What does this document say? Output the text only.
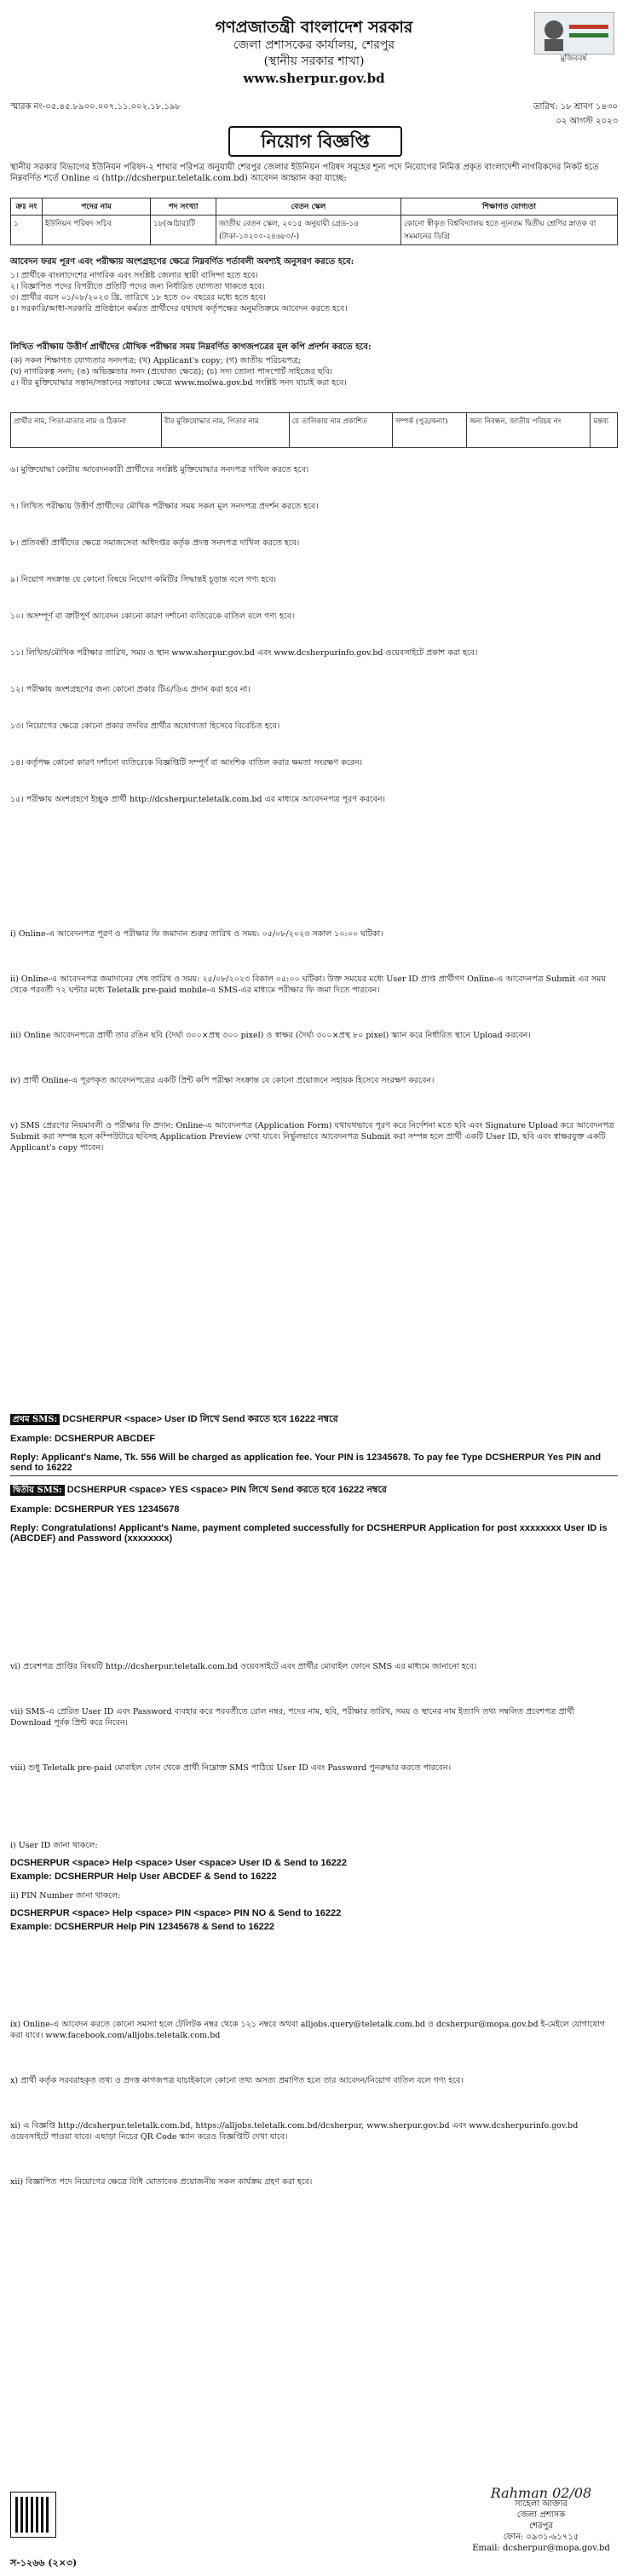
গণপ্রজাতন্ত্রী বাংলাদেশ সরকার
জেলা প্রশাসকের কার্যালয়, শেরপুর
(স্থানীয় সরকার শাখা)
www.sherpur.gov.bd
মুজিববর্ষ
স্মারক নং-০৫.৪৫.৮৯০০.০০৭.১১.০০২.১৮.১৯৮	তারিখ: ১৮ শ্রাবণ ১৪৩০
০২ আগস্ট ২০২৩
নিয়োগ বিজ্ঞপ্তি
স্থানীয় সরকার বিভাগের ইউনিয়ন পরিষদ-২ শাখার পরিপত্র অনুযায়ী শেরপুর জেলার ইউনিয়ন পরিষদ সমূহের শূন্য পদে নিয়োগের নিমিত্ত প্রকৃত বাংলাদেশী নাগরিকদের নিকট হতে নিম্নবর্ণিত শর্তে Online এ (http://dcsherpur.teletalk.com.bd) আবেদন আহ্বান করা যাচ্ছে:
ক্রঃ নং	পদের নাম	পদ সংখ্যা	বেতন স্কেল	শিক্ষাগত যোগ্যতা
১	ইউনিয়ন পরিষদ সচিব	১৮(আঠার)টি	জাতীয় বেতন স্কেল, ২০১৫ অনুযায়ী গ্রেড-১৪ (টাকা-১০২০০-২৪৬৮০/-)	কোনো স্বীকৃত বিশ্ববিদ্যালয় হতে ন্যূনতম দ্বিতীয় শ্রেণির স্নাতক বা সমমানের ডিগ্রি
আবেদন ফরম পূরণ এবং পরীক্ষায় অংশগ্রহণের ক্ষেত্রে নিম্নবর্ণিত শর্তাবলী অবশ্যই অনুসরণ করতে হবে:
১। প্রার্থীকে বাংলাদেশের নাগরিক এবং সংশ্লিষ্ট জেলার স্থায়ী বাসিন্দা হতে হবে।
২। বিজ্ঞাপিত পদের বিপরীতে প্রতিটি পদের জন্য নির্ধারিত যোগ্যতা থাকতে হবে।
৩। প্রার্থীর বয়স ০১/০৮/২০২৩ খ্রি. তারিখে ১৮ হতে ৩০ বছরের মধ্যে হতে হবে।
৪। সরকারি/আধা-সরকারি প্রতিষ্ঠানে কর্মরত প্রার্থীদের যথাযথ কর্তৃপক্ষের অনুমতিক্রমে আবেদন করতে হবে।
লিখিত পরীক্ষায় উত্তীর্ণ প্রার্থীদের মৌখিক পরীক্ষার সময় নিম্নবর্ণিত কাগজপত্রের মূল কপি প্রদর্শন করতে হবে:
(ক) সকল শিক্ষাগত যোগ্যতার সনদপত্র; (খ) Applicant's copy; (গ) জাতীয় পরিচয়পত্র;
(ঘ) নাগরিকত্ব সনদ; (ঙ) অভিজ্ঞতার সনদ (প্রযোজ্য ক্ষেত্রে); (চ) সদ্য তোলা পাসপোর্ট সাইজের ছবি।
৫। বীর মুক্তিযোদ্ধার সন্তান/সন্তানের সন্তানের ক্ষেত্রে www.molwa.gov.bd সংশ্লিষ্ট সনদ যাচাই করা হবে।
প্রার্থীর নাম, পিতা-মাতার নাম ও ঠিকানা	বীর মুক্তিযোদ্ধার নাম, পিতার নাম	যে তালিকায় নাম প্রকাশিত	সম্পর্ক (পুত্র/কন্যা)	অন্য নিবন্ধন, জাতীয় পরিচয় নং	মন্তব্য
৬। মুক্তিযোদ্ধা কোটায় আবেদনকারী প্রার্থীদের সংশ্লিষ্ট মুক্তিযোদ্ধার সনদপত্র দাখিল করতে হবে।
৭। লিখিত পরীক্ষায় উত্তীর্ণ প্রার্থীদের মৌখিক পরীক্ষার সময় সকল মূল সনদপত্র প্রদর্শন করতে হবে।
৮। প্রতিবন্ধী প্রার্থীদের ক্ষেত্রে সমাজসেবা অধিদপ্তর কর্তৃক প্রদত্ত সনদপত্র দাখিল করতে হবে।
৯। নিয়োগ সংক্রান্ত যে কোনো বিষয়ে নিয়োগ কমিটির সিদ্ধান্তই চূড়ান্ত বলে গণ্য হবে।
১০। অসম্পূর্ণ বা ত্রুটিপূর্ণ আবেদন কোনো কারণ দর্শানো ব্যতিরেকে বাতিল বলে গণ্য হবে।
১১। লিখিত/মৌখিক পরীক্ষার তারিখ, সময় ও স্থান www.sherpur.gov.bd এবং www.dcsherpurinfo.gov.bd ওয়েবসাইটে প্রকাশ করা হবে।
১২। পরীক্ষায় অংশগ্রহণের জন্য কোনো প্রকার টিএ/ডিএ প্রদান করা হবে না।
১৩। নিয়োগের ক্ষেত্রে কোনো প্রকার তদবির প্রার্থীর অযোগ্যতা হিসেবে বিবেচিত হবে।
১৪। কর্তৃপক্ষ কোনো কারণ দর্শানো ব্যতিরেকে বিজ্ঞপ্তিটি সম্পূর্ণ বা আংশিক বাতিল করার ক্ষমতা সংরক্ষণ করেন।
১৫। পরীক্ষায় অংশগ্রহণে ইচ্ছুক প্রার্থী http://dcsherpur.teletalk.com.bd এর মাধ্যমে আবেদনপত্র পূরণ করবেন।
i) Online-এ আবেদনপত্র পূরণ ও পরীক্ষার ফি জমাদান শুরুর তারিখ ও সময়: ০৫/০৮/২০২৩ সকাল ১০:০০ ঘটিকা।
ii) Online-এ আবেদনপত্র জমাদানের শেষ তারিখ ও সময়: ২৫/০৮/২০২৩ বিকাল ০৫:০০ ঘটিকা। উক্ত সময়ের মধ্যে User ID প্রাপ্ত প্রার্থীগণ Online-এ আবেদনপত্র Submit এর সময় থেকে পরবর্তী ৭২ ঘণ্টার মধ্যে Teletalk pre-paid mobile-এ SMS-এর মাধ্যমে পরীক্ষার ফি জমা দিতে পারবেন।
iii) Online আবেদনপত্রে প্রার্থী তার রঙিন ছবি (দৈর্ঘ্য ৩০০×প্রস্থ ৩০০ pixel) ও স্বাক্ষর (দৈর্ঘ্য ৩০০×প্রস্থ ৮০ pixel) স্ক্যান করে নির্ধারিত স্থানে Upload করবেন।
iv) প্রার্থী Online-এ পূরণকৃত আবেদনপত্রের একটি প্রিন্ট কপি পরীক্ষা সংক্রান্ত যে কোনো প্রয়োজনে সহায়ক হিসেবে সংরক্ষণ করবেন।
v) SMS প্রেরণের নিয়মাবলী ও পরীক্ষার ফি প্রদান: Online-এ আবেদনপত্র (Application Form) যথাযথভাবে পূরণ করে নির্দেশনা মতে ছবি এবং Signature Upload করে আবেদনপত্র Submit করা সম্পন্ন হলে কম্পিউটারে ছবিসহ Application Preview দেখা যাবে। নির্ভুলভাবে আবেদনপত্র Submit করা সম্পন্ন হলে প্রার্থী একটি User ID, ছবি এবং স্বাক্ষরযুক্ত একটি Applicant's copy পাবেন।
প্রথম SMS: DCSHERPUR <space> User ID লিখে Send করতে হবে 16222 নম্বরে
Example: DCSHERPUR ABCDEF
Reply: Applicant's Name, Tk. 556 Will be charged as application fee. Your PIN is 12345678. To pay fee Type DCSHERPUR Yes PIN and send to 16222
দ্বিতীয় SMS: DCSHERPUR <space> YES <space> PIN লিখে Send করতে হবে 16222 নম্বরে
Example: DCSHERPUR YES 12345678
Reply: Congratulations! Applicant's Name, payment completed successfully for DCSHERPUR Application for post xxxxxxxx User ID is (ABCDEF) and Password (xxxxxxxx)
vi) প্রবেশপত্র প্রাপ্তির বিষয়টি http://dcsherpur.teletalk.com.bd ওয়েবসাইটে এবং প্রার্থীর মোবাইল ফোনে SMS এর মাধ্যমে জানানো হবে।
vii) SMS-এ প্রেরিত User ID এবং Password ব্যবহার করে পরবর্তীতে রোল নম্বর, পদের নাম, ছবি, পরীক্ষার তারিখ, সময় ও স্থানের নাম ইত্যাদি তথ্য সম্বলিত প্রবেশপত্র প্রার্থী Download পূর্বক প্রিন্ট করে নিবেন।
viii) শুধু Teletalk pre-paid মোবাইল ফোন থেকে প্রার্থী নিম্নোক্ত SMS পাঠিয়ে User ID এবং Password পুনরুদ্ধার করতে পারবেন।
i) User ID জানা থাকলে:
DCSHERPUR <space> Help <space> User <space> User ID & Send to 16222
Example: DCSHERPUR Help User ABCDEF & Send to 16222
ii) PIN Number জানা থাকলে:
DCSHERPUR <space> Help <space> PIN <space> PIN NO & Send to 16222
Example: DCSHERPUR Help PIN 12345678 & Send to 16222
ix) Online-এ আবেদন করতে কোনো সমস্যা হলে টেলিটক নম্বর থেকে ১২১ নম্বরে অথবা alljobs.query@teletalk.com.bd ও dcsherpur@mopa.gov.bd ই-মেইলে যোগাযোগ করা যাবে। www.facebook.com/alljobs.teletalk.com.bd
x) প্রার্থী কর্তৃক সরবরাহকৃত তথ্য ও প্রদত্ত কাগজপত্র যাচাইকালে কোনো তথ্য অসত্য প্রমাণিত হলে তার আবেদন/নিয়োগ বাতিল বলে গণ্য হবে।
xi) এ বিজ্ঞপ্তি http://dcsherpur.teletalk.com.bd, https://alljobs.teletalk.com.bd/dcsherpur, www.sherpur.gov.bd এবং www.dcsherpurinfo.gov.bd ওয়েবসাইটে পাওয়া যাবে। এছাড়া নিচের QR Code স্ক্যান করেও বিজ্ঞপ্তিটি দেখা যাবে।
xii) বিজ্ঞাপিত পদে নিয়োগের ক্ষেত্রে বিধি মোতাবেক প্রয়োজনীয় সকল কার্যক্রম গ্রহণ করা হবে।
Rahman 02/08
সাহেলা আক্তার
জেলা প্রশাসক
শেরপুর
ফোন: ০৯৩১-৬১৭১৫
Email: dcsherpur@mopa.gov.bd
স-১২৬৬ (২×৩)
